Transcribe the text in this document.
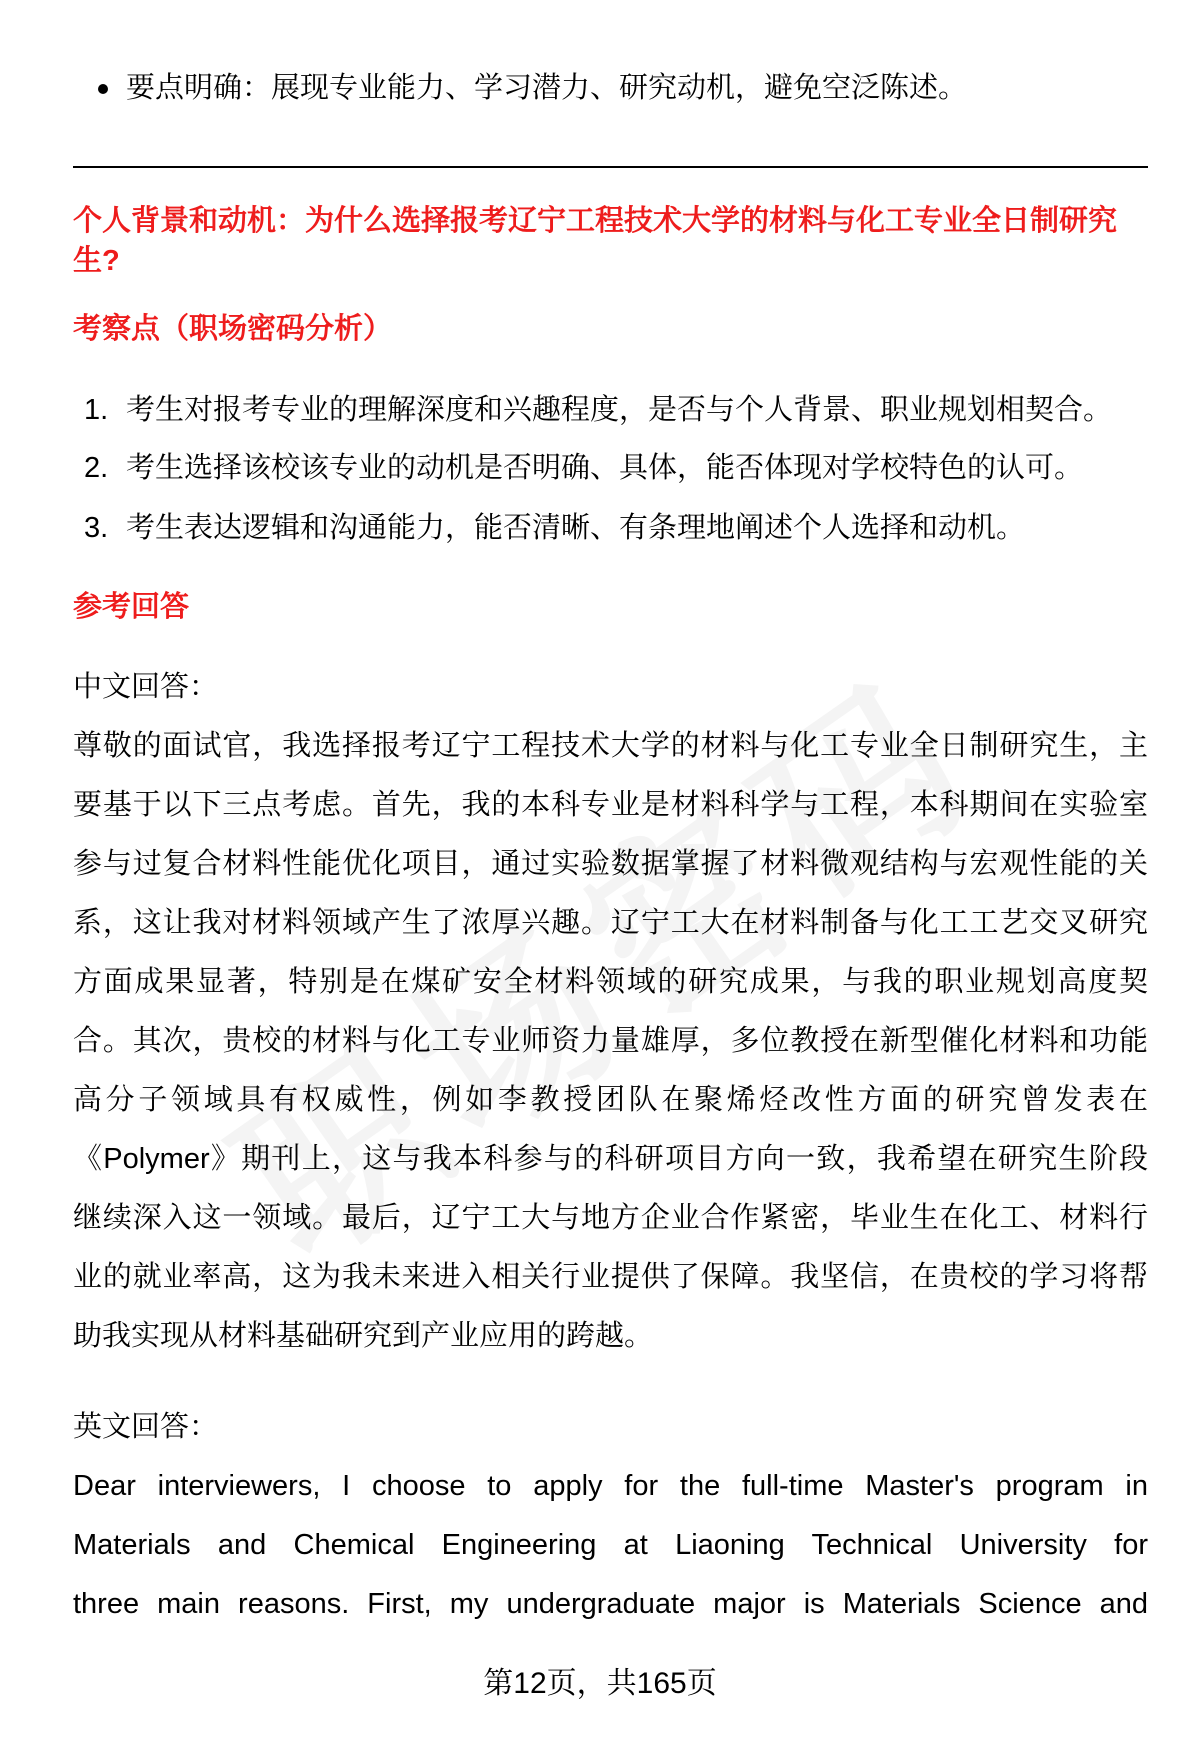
要点明确：展现专业能力、学习潜力、研究动机，避免空泛陈述。
个人背景和动机：为什么选择报考辽宁工程技术大学的材料与化工专业全日制研究
生?
考察点（职场密码分析）
1. 考生对报考专业的理解深度和兴趣程度，是否与个人背景、职业规划相契合。
2. 考生选择该校该专业的动机是否明确、具体，能否体现对学校特色的认可。
3. 考生表达逻辑和沟通能力，能否清晰、有条理地阐述个人选择和动机。
参考回答
中文回答：
尊敬的面试官，我选择报考辽宁工程技术大学的材料与化工专业全日制研究生，主
要基于以下三点考虑。首先，我的本科专业是材料科学与工程，本科期间在实验室
参与过复合材料性能优化项目，通过实验数据掌握了材料微观结构与宏观性能的关
系，这让我对材料领域产生了浓厚兴趣。辽宁工大在材料制备与化工工艺交叉研究
方面成果显著，特别是在煤矿安全材料领域的研究成果，与我的职业规划高度契
合。其次，贵校的材料与化工专业师资力量雄厚，多位教授在新型催化材料和功能
高分子领域具有权威性，例如李教授团队在聚烯烃改性方面的研究曾发表在
《Polymer》期刊上，这与我本科参与的科研项目方向一致，我希望在研究生阶段
继续深入这一领域。最后，辽宁工大与地方企业合作紧密，毕业生在化工、材料行
业的就业率高，这为我未来进入相关行业提供了保障。我坚信，在贵校的学习将帮
助我实现从材料基础研究到产业应用的跨越。
英文回答：
Dear interviewers, I choose to apply for the full-time Master's program in
Materials and Chemical Engineering at Liaoning Technical University for
three main reasons. First, my undergraduate major is Materials Science and
第12页，共165页
